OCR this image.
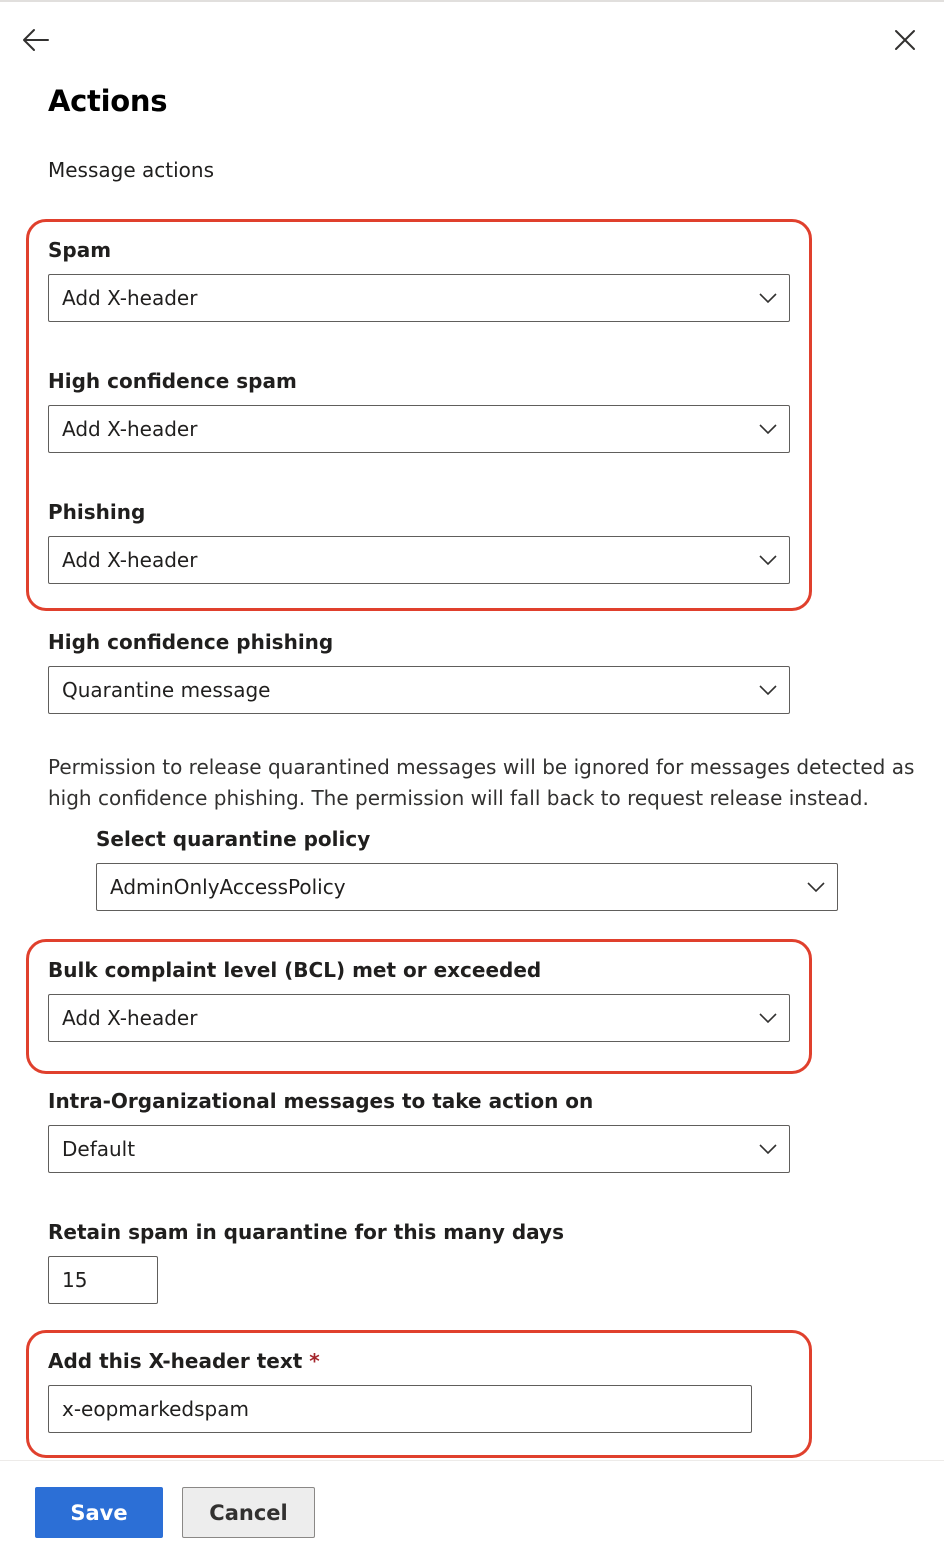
Actions
Message actions
Spam
Add X-header
High confidence spam
Add X-header
Phishing
Add X-header
High confidence phishing
Quarantine message
Permission to release quarantined messages will be ignored for messages detected as high confidence phishing. The permission will fall back to request release instead.
Select quarantine policy
AdminOnlyAccessPolicy
Bulk complaint level (BCL) met or exceeded
Add X-header
Intra-Organizational messages to take action on
Default
Retain spam in quarantine for this many days
15
Add this X-header text *
x-eopmarkedspam
Save	Cancel
